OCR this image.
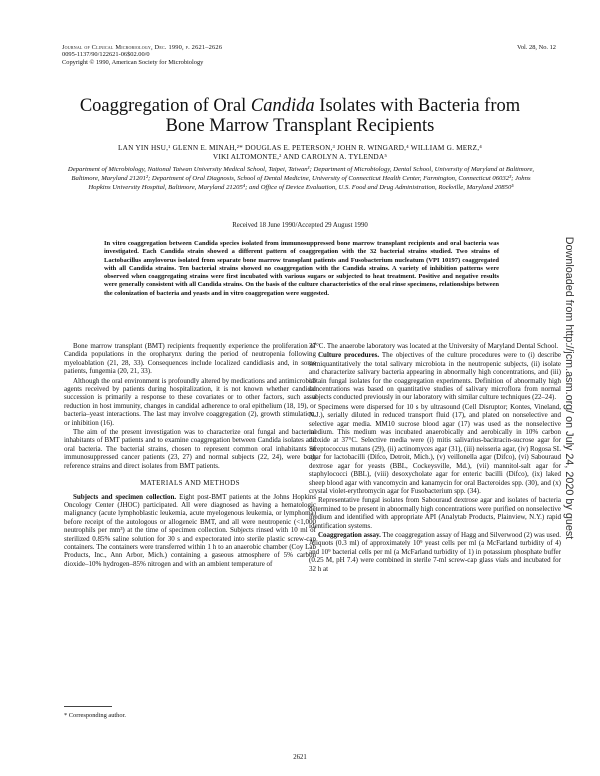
Journal of Clinical Microbiology, Dec. 1990, p. 2621–2626
0095-1137/90/122621-06$02.00/0
Copyright © 1990, American Society for Microbiology
Vol. 28, No. 12
Coaggregation of Oral Candida Isolates with Bacteria from
Bone Marrow Transplant Recipients
LAN YIN HSU,¹ GLENN E. MINAH,²* DOUGLAS E. PETERSON,³ JOHN R. WINGARD,⁴ WILLIAM G. MERZ,⁴
VIKI ALTOMONTE,² AND CAROLYN A. TYLENDA⁵
Department of Microbiology, National Taiwan University Medical School, Taipei, Taiwan¹; Department of Microbiology, Dental School, University of Maryland at Baltimore, Baltimore, Maryland 21201²; Department of Oral Diagnosis, School of Dental Medicine, University of Connecticut Health Center, Farmington, Connecticut 06032³; Johns Hopkins University Hospital, Baltimore, Maryland 21205⁴; and Office of Device Evaluation, U.S. Food and Drug Administration, Rockville, Maryland 20850⁵
Received 18 June 1990/Accepted 29 August 1990
In vitro coaggregation between Candida species isolated from immunosuppressed bone marrow transplant recipients and oral bacteria was investigated. Each Candida strain showed a different pattern of coaggregation with the 32 bacterial strains studied. Two strains of Lactobacillus amylovorus isolated from separate bone marrow transplant patients and Fusobacterium nucleatum (VPI 10197) coaggregated with all Candida strains. Ten bacterial strains showed no coaggregation with the Candida strains. A variety of inhibition patterns were observed when coaggregating strains were first incubated with various sugars or subjected to heat treatment. Positive and negative results were generally consistent with all Candida strains. On the basis of the culture characteristics of the oral rinse specimens, relationships between the colonization of bacteria and yeasts and in vitro coaggregation were suggested.

Bone marrow transplant (BMT) recipients frequently experience the proliferation of Candida populations in the oropharynx during the period of neutropenia following myeloablation (21, 28, 33). Consequences include localized candidiasis and, in some patients, fungemia (20, 21, 33).

Although the oral environment is profoundly altered by medications and antimicrobial agents received by patients during hospitalization, it is not known whether candidal succession is primarily a response to these covariates or to other factors, such as a reduction in host immunity, changes in candidal adherence to oral epithelium (18, 19), or bacteria–yeast interactions. The last may involve coaggregation (2), growth stimulation, or inhibition (16).

The aim of the present investigation was to characterize oral fungal and bacterial inhabitants of BMT patients and to examine coaggregation between Candida isolates and oral bacteria. The bacterial strains, chosen to represent common oral inhabitants of immunosuppressed cancer patients (23, 27) and normal subjects (22, 24), were both reference strains and direct isolates from BMT patients.

MATERIALS AND METHODS

Subjects and specimen collection. Eight post-BMT patients at the Johns Hopkins Oncology Center (JHOC) participated. All were diagnosed as having a hematologic malignancy (acute lymphoblastic leukemia, acute myelogenous leukemia, or lymphoma) before receipt of the autologous or allogeneic BMT, and all were neutropenic (<1,000 neutrophils per mm³) at the time of specimen collection. Subjects rinsed with 10 ml of sterilized 0.85% saline solution for 30 s and expectorated into sterile plastic screw-cap containers. The containers were transferred within 1 h to an anaerobic chamber (Coy Lab Products, Inc., Ann Arbor, Mich.) containing a gaseous atmosphere of 5% carbon dioxide–10% hydrogen–85% nitrogen and with an ambient temperature of

37°C. The anaerobe laboratory was located at the University of Maryland Dental School.

Culture procedures. The objectives of the culture procedures were to (i) describe semiquantitatively the total salivary microbiota in the neutropenic subjects, (ii) isolate and characterize salivary bacteria appearing in abnormally high concentrations, and (iii) obtain fungal isolates for the coaggregation experiments. Definition of abnormally high concentrations was based on quantitative studies of salivary microflora from normal subjects conducted previously in our laboratory with similar culture techniques (22–24).

Specimens were dispersed for 10 s by ultrasound (Cell Disruptor; Kontes, Vineland, N.J.), serially diluted in reduced transport fluid (17), and plated on nonselective and selective agar media. MM10 sucrose blood agar (17) was used as the nonselective medium. This medium was incubated anaerobically and aerobically in 10% carbon dioxide at 37°C. Selective media were (i) mitis salivarius-bacitracin-sucrose agar for Streptococcus mutans (29), (ii) actinomyces agar (31), (iii) neisseria agar, (iv) Rogosa SL agar for lactobacilli (Difco, Detroit, Mich.), (v) veillonella agar (Difco), (vi) Sabouraud dextrose agar for yeasts (BBL, Cockeysville, Md.), (vii) mannitol-salt agar for staphylococci (BBL), (viii) desoxycholate agar for enteric bacilli (Difco), (ix) laked sheep blood agar with vancomycin and kanamycin for oral Bacteroides spp. (30), and (x) crystal violet-erythromycin agar for Fusobacterium spp. (34).

Representative fungal isolates from Sabouraud dextrose agar and isolates of bacteria determined to be present in abnormally high concentrations were purified on nonselective medium and identified with appropriate API (Analytab Products, Plainview, N.Y.) rapid identification systems.

Coaggregation assay. The coaggregation assay of Hagg and Silverwood (2) was used. Aliquots (0.3 ml) of approximately 10⁹ yeast cells per ml (a McFarland turbidity of 4) and 10⁹ bacterial cells per ml (a McFarland turbidity of 1) in potassium phosphate buffer (0.25 M, pH 7.4) were combined in sterile 7-ml screw-cap glass vials and incubated for 32 h at

* Corresponding author.
2621
Downloaded from http://jcm.asm.org/ on July 24, 2020 by guest
